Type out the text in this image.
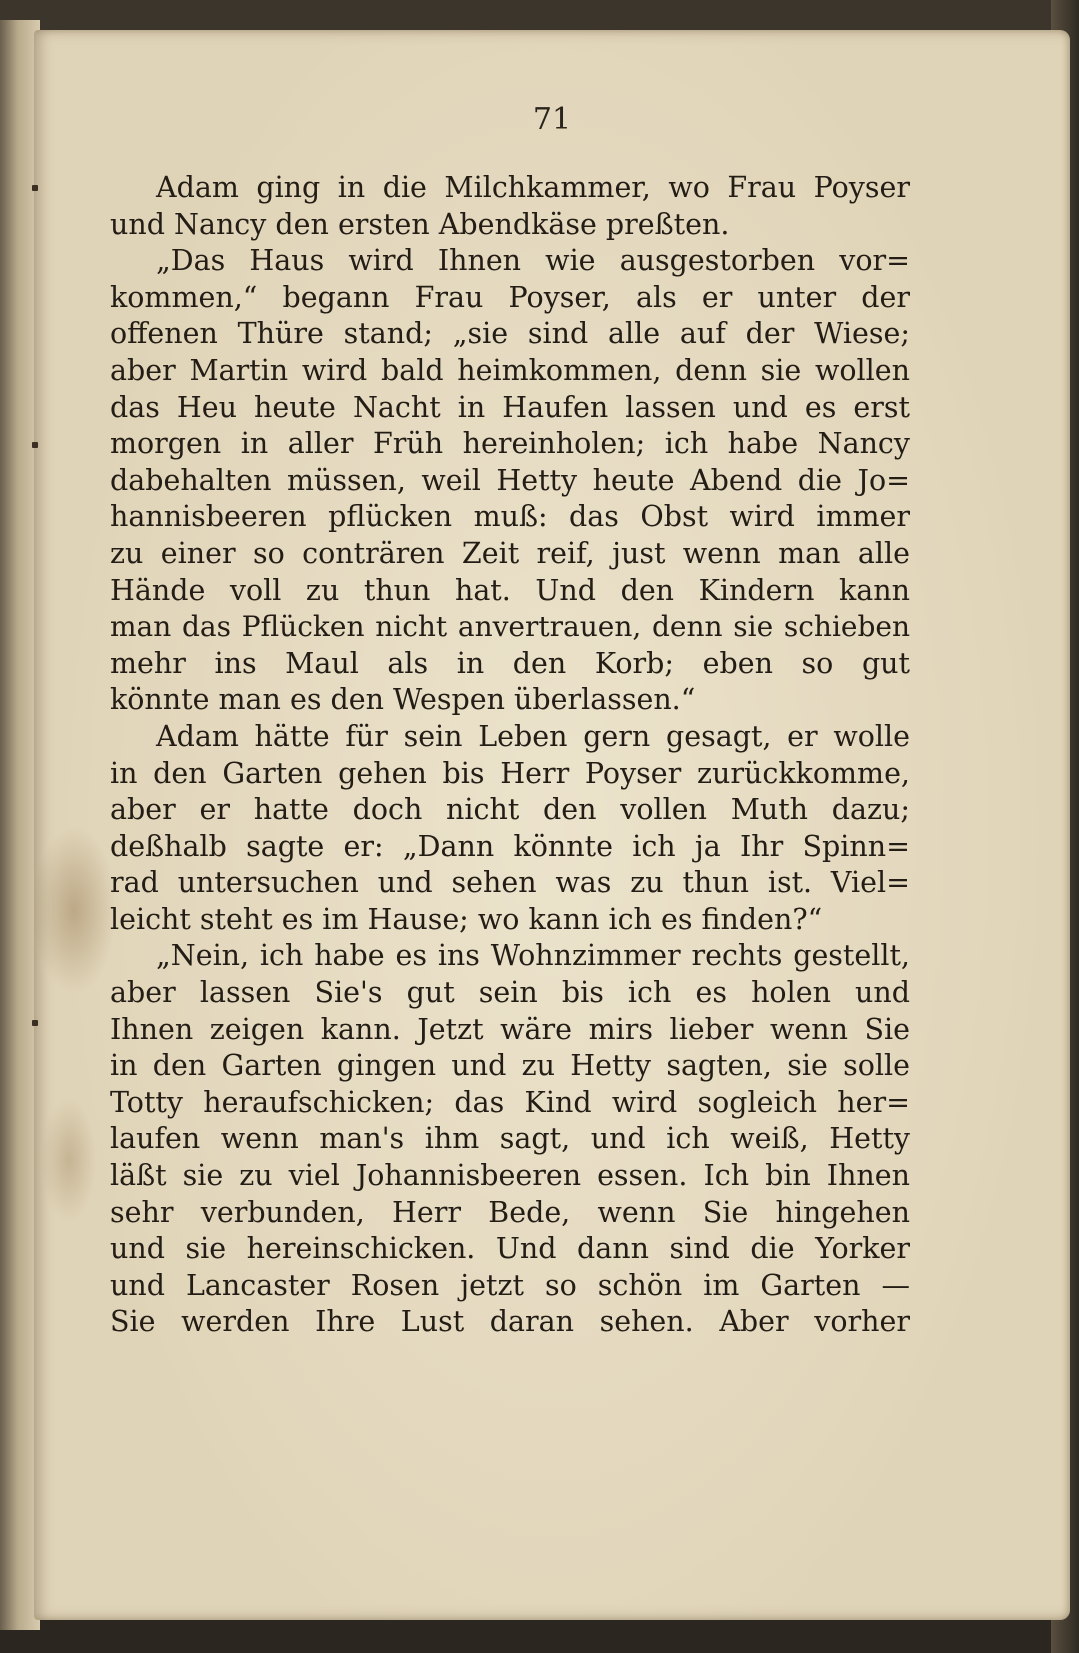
71
Adam ging in die Milchkammer, wo Frau Poyser
und Nancy den ersten Abendkäse preßten.
„Das Haus wird Ihnen wie ausgestorben vor=
kommen,“ begann Frau Poyser, als er unter der
offenen Thüre stand; „sie sind alle auf der Wiese;
aber Martin wird bald heimkommen, denn sie wollen
das Heu heute Nacht in Haufen lassen und es erst
morgen in aller Früh hereinholen; ich habe Nancy
dabehalten müssen, weil Hetty heute Abend die Jo=
hannisbeeren pflücken muß: das Obst wird immer
zu einer so conträren Zeit reif, just wenn man alle
Hände voll zu thun hat. Und den Kindern kann
man das Pflücken nicht anvertrauen, denn sie schieben
mehr ins Maul als in den Korb; eben so gut
könnte man es den Wespen überlassen.“
Adam hätte für sein Leben gern gesagt, er wolle
in den Garten gehen bis Herr Poyser zurückkomme,
aber er hatte doch nicht den vollen Muth dazu;
deßhalb sagte er: „Dann könnte ich ja Ihr Spinn=
rad untersuchen und sehen was zu thun ist. Viel=
leicht steht es im Hause; wo kann ich es finden?“
„Nein, ich habe es ins Wohnzimmer rechts gestellt,
aber lassen Sie's gut sein bis ich es holen und
Ihnen zeigen kann. Jetzt wäre mirs lieber wenn Sie
in den Garten gingen und zu Hetty sagten, sie solle
Totty heraufschicken; das Kind wird sogleich her=
laufen wenn man's ihm sagt, und ich weiß, Hetty
läßt sie zu viel Johannisbeeren essen. Ich bin Ihnen
sehr verbunden, Herr Bede, wenn Sie hingehen
und sie hereinschicken. Und dann sind die Yorker
und Lancaster Rosen jetzt so schön im Garten —
Sie werden Ihre Lust daran sehen. Aber vorher
